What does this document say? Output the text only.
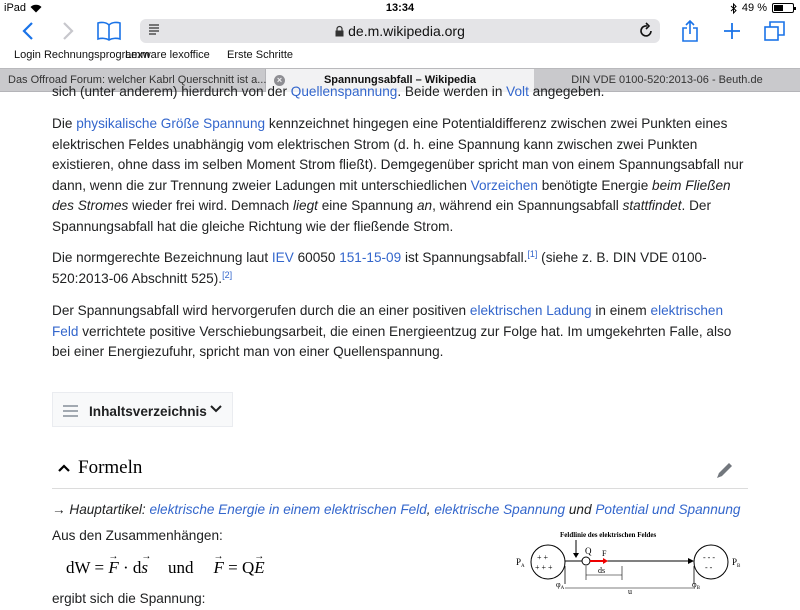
iPad	13:34	49 %
de.m.wikipedia.org
Login Rechnungsprogramm
Lexware lexoffice Erste Schritte
Das Offroad Forum: welcher Kabrl Querschnitt ist a...	×	Spannungsabfall – Wikipedia	DIN VDE 0100-520:2013-06 - Beuth.de
sich (unter anderem) hierdurch von der Quellenspannung. Beide werden in Volt angegeben.
Die physikalische Größe Spannung kennzeichnet hingegen eine Potentialdifferenz zwischen zwei Punkten eines elektrischen Feldes unabhängig vom elektrischen Strom (d. h. eine Spannung kann zwischen zwei Punkten existieren, ohne dass im selben Moment Strom fließt). Demgegenüber spricht man von einem Spannungsabfall nur dann, wenn die zur Trennung zweier Ladungen mit unterschiedlichen Vorzeichen benötigte Energie beim Fließen des Stromes wieder frei wird. Demnach liegt eine Spannung an, während ein Spannungsabfall stattfindet. Der Spannungsabfall hat die gleiche Richtung wie der fließende Strom.
Die normgerechte Bezeichnung laut IEV 60050 151-15-09 ist Spannungsabfall.[1] (siehe z. B. DIN VDE 0100-520:2013-06 Abschnitt 525).[2]
Der Spannungsabfall wird hervorgerufen durch die an einer positiven elektrischen Ladung in einem elektrischen Feld verrichtete positive Verschiebungsarbeit, die einen Energieentzug zur Folge hat. Im umgekehrten Falle, also bei einer Energiezufuhr, spricht man von einer Quellenspannung.
Inhaltsverzeichnis
Formeln
→ Hauptartikel: elektrische Energie in einem elektrischen Feld, elektrische Spannung und Potential und Spannung
Aus den Zusammenhängen:
dW = → F · d→ s und→ F = Q→ E
ergibt sich die Spannung:
Feldlinie des elektrischen Feldes
+ +
+ + +
- - -
- -
$P_A$	$P_B$
Q F
ds
$\varphi_A$	$\varphi_B$
u
